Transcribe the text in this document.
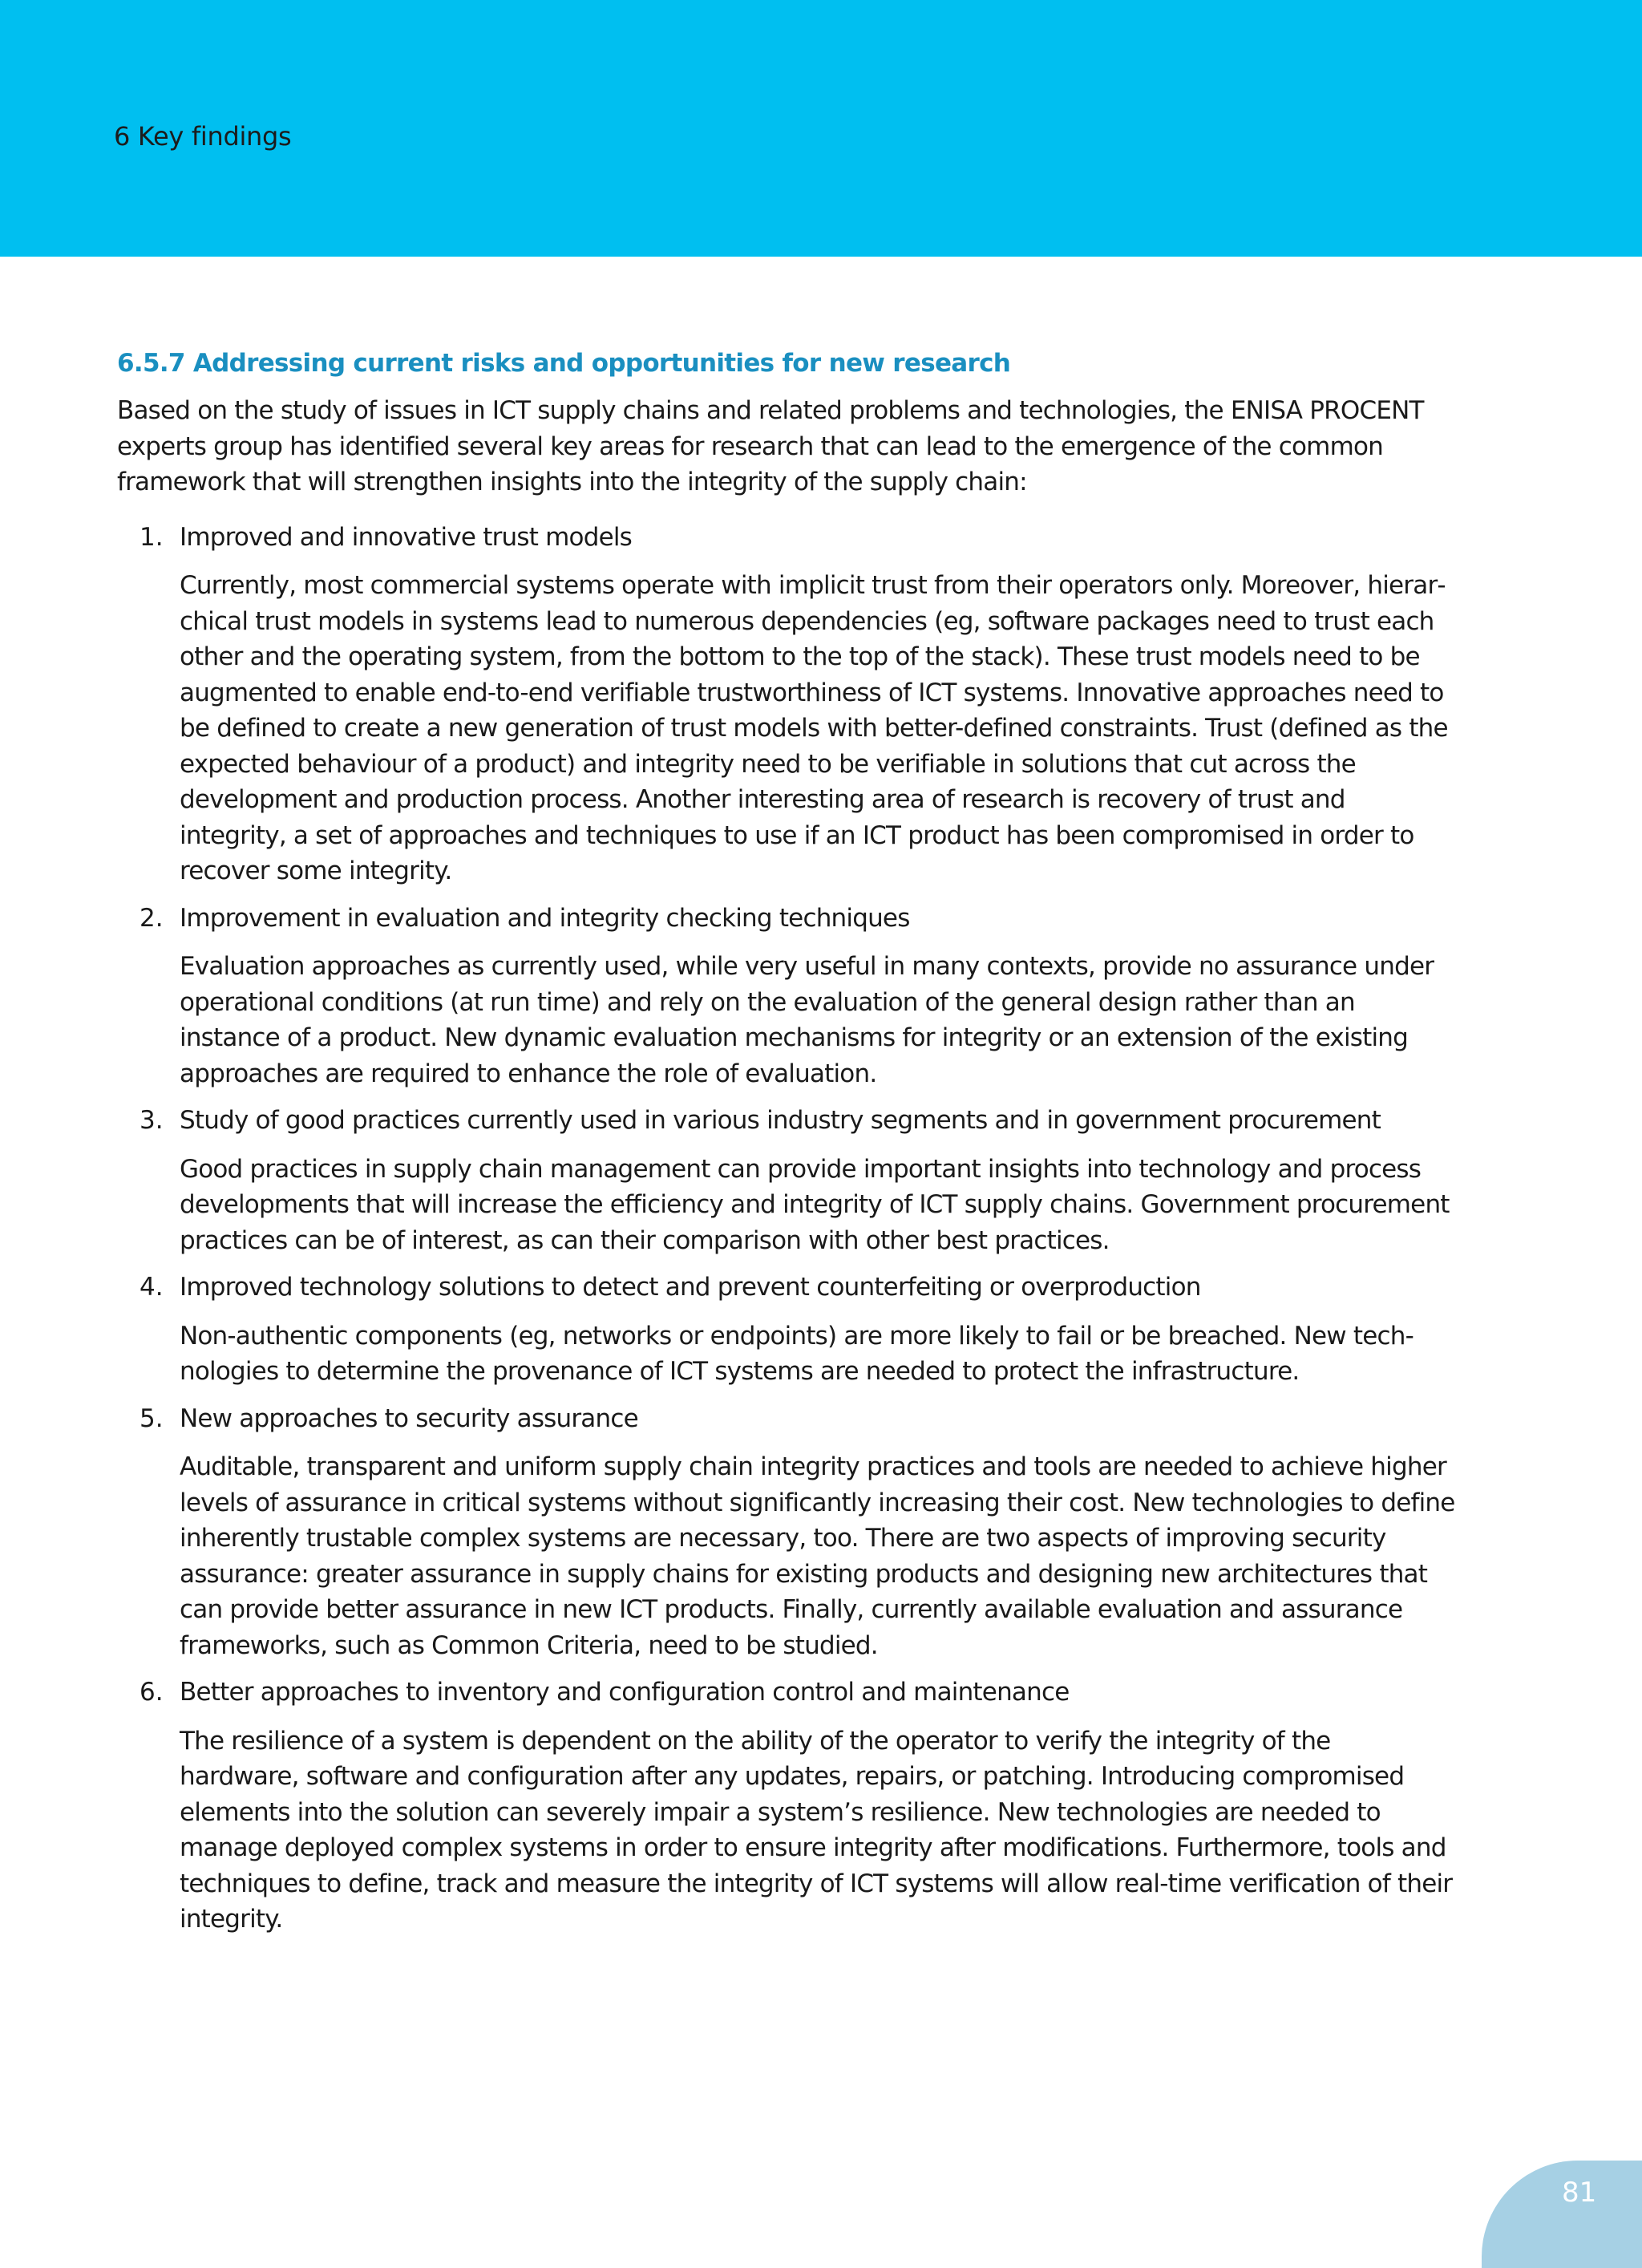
6 Key findings
6.5.7 Addressing current risks and opportunities for new research

Based on the study of issues in ICT supply chains and related problems and technologies, the ENISA PROCENT experts group has identified several key areas for research that can lead to the emergence of the common framework that will strengthen insights into the integrity of the supply chain:

1. Improved and innovative trust models

Currently, most commercial systems operate with implicit trust from their operators only. Moreover, hierarchical trust models in systems lead to numerous dependencies (eg, software packages need to trust each other and the operating system, from the bottom to the top of the stack). These trust models need to be augmented to enable end-to-end verifiable trustworthiness of ICT systems. Innovative approaches need to be defined to create a new generation of trust models with better-defined constraints. Trust (defined as the expected behaviour of a product) and integrity need to be verifiable in solutions that cut across the development and production process. Another interesting area of research is recovery of trust and integrity, a set of approaches and techniques to use if an ICT product has been compromised in order to recover some integrity.

2. Improvement in evaluation and integrity checking techniques

Evaluation approaches as currently used, while very useful in many contexts, provide no assurance under operational conditions (at run time) and rely on the evaluation of the general design rather than an instance of a product. New dynamic evaluation mechanisms for integrity or an extension of the existing approaches are required to enhance the role of evaluation.

3. Study of good practices currently used in various industry segments and in government procurement

Good practices in supply chain management can provide important insights into technology and process developments that will increase the efficiency and integrity of ICT supply chains. Government procurement practices can be of interest, as can their comparison with other best practices.

4. Improved technology solutions to detect and prevent counterfeiting or overproduction

Non-authentic components (eg, networks or endpoints) are more likely to fail or be breached. New technologies to determine the provenance of ICT systems are needed to protect the infrastructure.

5. New approaches to security assurance

Auditable, transparent and uniform supply chain integrity practices and tools are needed to achieve higher levels of assurance in critical systems without significantly increasing their cost. New technologies to define inherently trustable complex systems are necessary, too. There are two aspects of improving security assurance: greater assurance in supply chains for existing products and designing new architectures that can provide better assurance in new ICT products. Finally, currently available evaluation and assurance frameworks, such as Common Criteria, need to be studied.

6. Better approaches to inventory and configuration control and maintenance

The resilience of a system is dependent on the ability of the operator to verify the integrity of the hardware, software and configuration after any updates, repairs, or patching. Introducing compromised elements into the solution can severely impair a system’s resilience. New technologies are needed to manage deployed complex systems in order to ensure integrity after modifications. Furthermore, tools and techniques to define, track and measure the integrity of ICT systems will allow real-time verification of their integrity.

81
